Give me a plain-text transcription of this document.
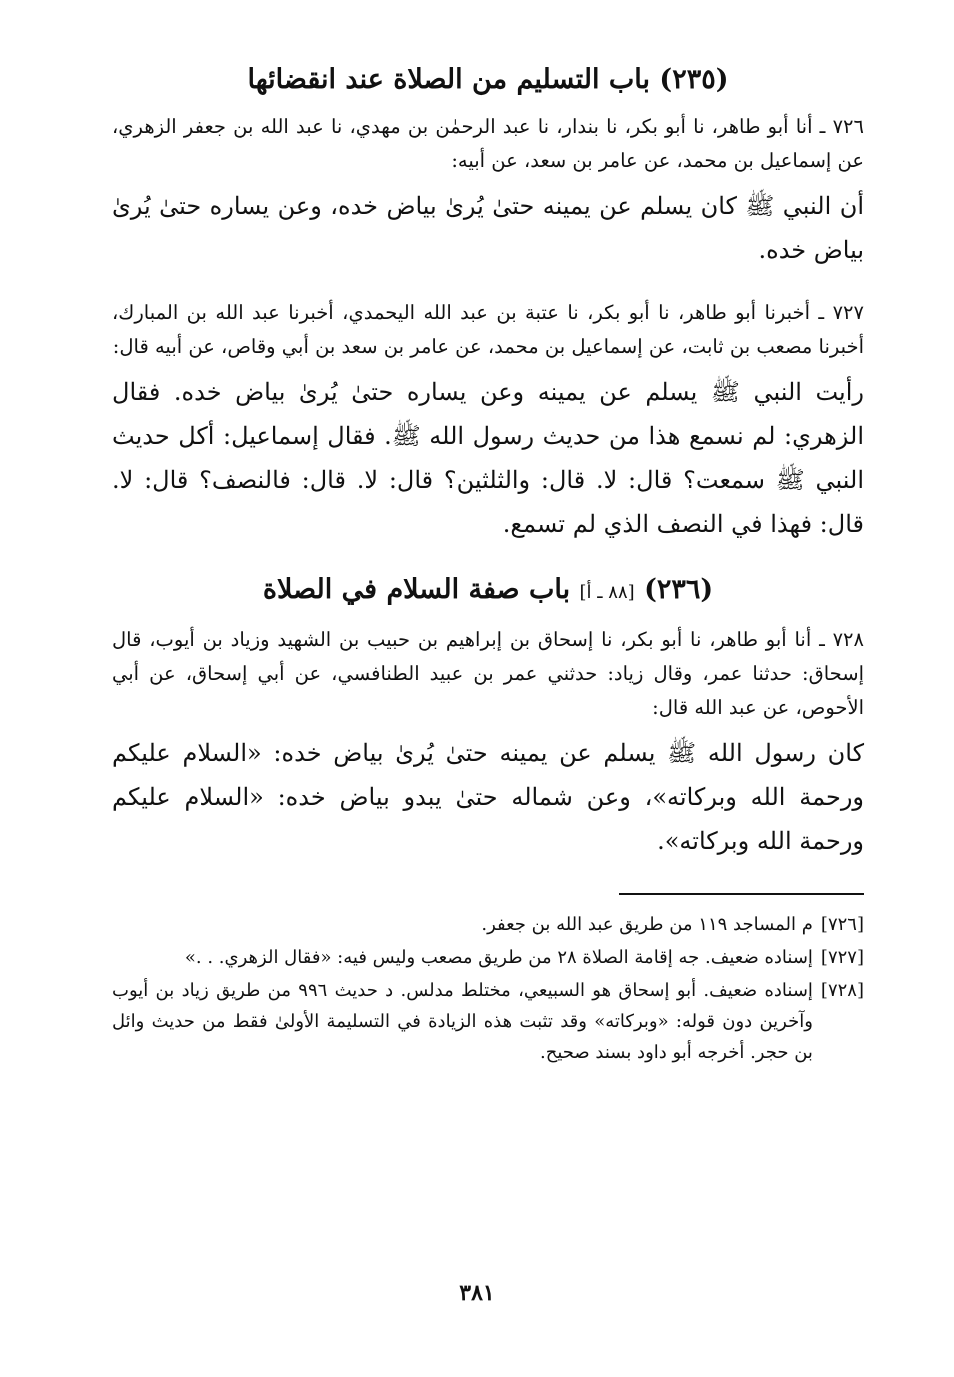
(٢٣٥) باب التسليم من الصلاة عند انقضائها

٧٢٦ ـ أنا أبو طاهر، نا أبو بكر، نا بندار، نا عبد الرحمٰن بن مهدي، نا عبد الله بن جعفر الزهري، عن إسماعيل بن محمد، عن عامر بن سعد، عن أبيه:

أن النبي ﷺ كان يسلم عن يمينه حتىٰ يُرىٰ بياض خده، وعن يساره حتىٰ يُرىٰ بياض خده.

٧٢٧ ـ أخبرنا أبو طاهر، نا أبو بكر، نا عتبة بن عبد الله اليحمدي، أخبرنا عبد الله بن المبارك، أخبرنا مصعب بن ثابت، عن إسماعيل بن محمد، عن عامر بن سعد بن أبي وقاص، عن أبيه قال:

رأيت النبي ﷺ يسلم عن يمينه وعن يساره حتىٰ يُرىٰ بياض خده. فقال الزهري: لم نسمع هذا من حديث رسول الله ﷺ. فقال إسماعيل: أكل حديث النبي ﷺ سمعت؟ قال: لا. قال: والثلثين؟ قال: لا. قال: فالنصف؟ قال: لا. قال: فهذا في النصف الذي لم تسمع.

(٢٣٦) [٨٨ ـ أ] باب صفة السلام في الصلاة

٧٢٨ ـ أنا أبو طاهر، نا أبو بكر، نا إسحاق بن إبراهيم بن حبيب بن الشهيد وزياد بن أيوب، قال إسحاق: حدثنا عمر، وقال زياد: حدثني عمر بن عبيد الطنافسي، عن أبي إسحاق، عن أبي الأحوص، عن عبد الله قال:

كان رسول الله ﷺ يسلم عن يمينه حتىٰ يُرىٰ بياض خده: «السلام عليكم ورحمة الله وبركاته»، وعن شماله حتىٰ يبدو بياض خده: «السلام عليكم ورحمة الله وبركاته».

[٧٢٦]
م المساجد ١١٩ من طريق عبد الله بن جعفر.
[٧٢٧]
إسناده ضعيف. جه إقامة الصلاة ٢٨ من طريق مصعب وليس فيه: «فقال الزهري. . .»
[٧٢٨]
إسناده ضعيف. أبو إسحاق هو السبيعي، مختلط مدلس. د حديث ٩٩٦ من طريق زياد بن أيوب وآخرين دون قوله: «وبركاته» وقد تثبت هذه الزيادة في التسليمة الأولىٰ فقط من حديث وائل بن حجر. أخرجه أبو داود بسند صحيح.
٣٨١
